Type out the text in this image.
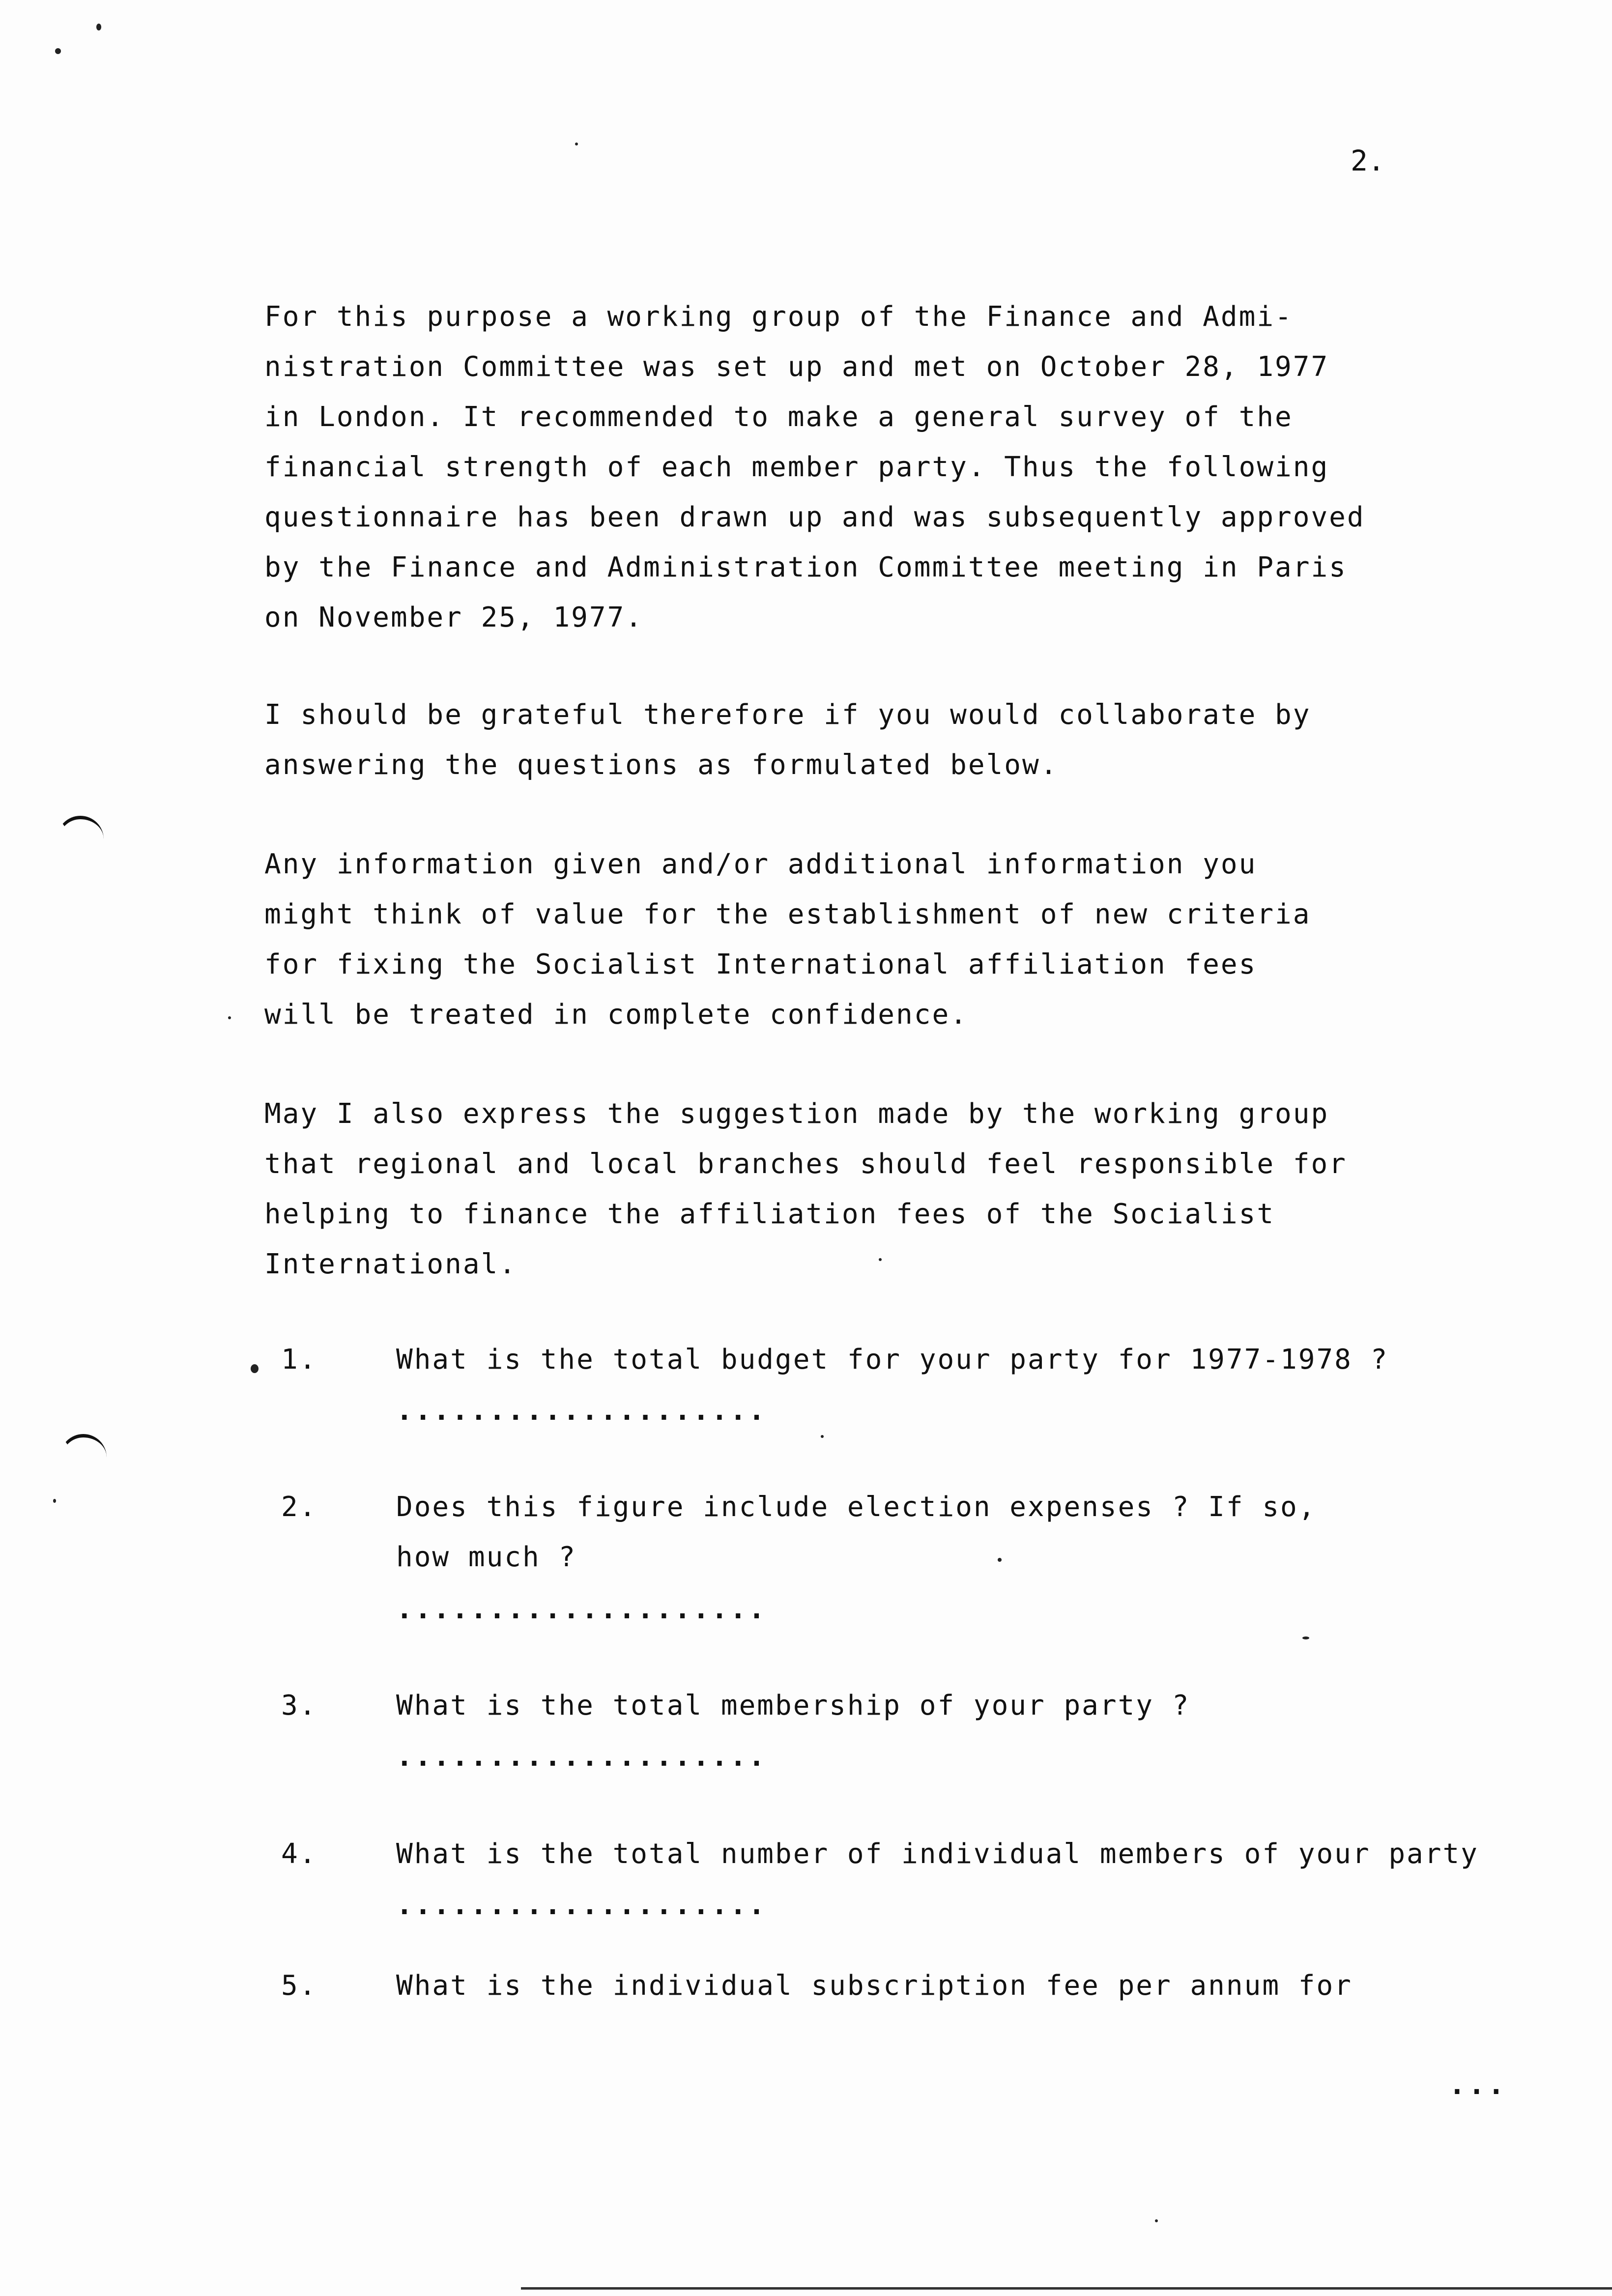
2.

For this purpose a working group of the Finance and Admi-
nistration Committee was set up and met on October 28, 1977
in London. It recommended to make a general survey of the
financial strength of each member party. Thus the following
questionnaire has been drawn up and was subsequently approved
by the Finance and Administration Committee meeting in Paris
on November 25, 1977.

I should be grateful therefore if you would collaborate by
answering the questions as formulated below.

Any information given and/or additional information you
might think of value for the establishment of new criteria
for fixing the Socialist International affiliation fees
will be treated in complete confidence.

May I also express the suggestion made by the working group
that regional and local branches should feel responsible for
helping to finance the affiliation fees of the Socialist
International.

1.	What is the total budget for your party for 1977-1978 ?
....................
2.	Does this figure include election expenses ? If so,
how much ?
....................
3.	What is the total membership of your party ?
....................
4.	What is the total number of individual members of your party
....................
5.	What is the individual subscription fee per annum for
...
